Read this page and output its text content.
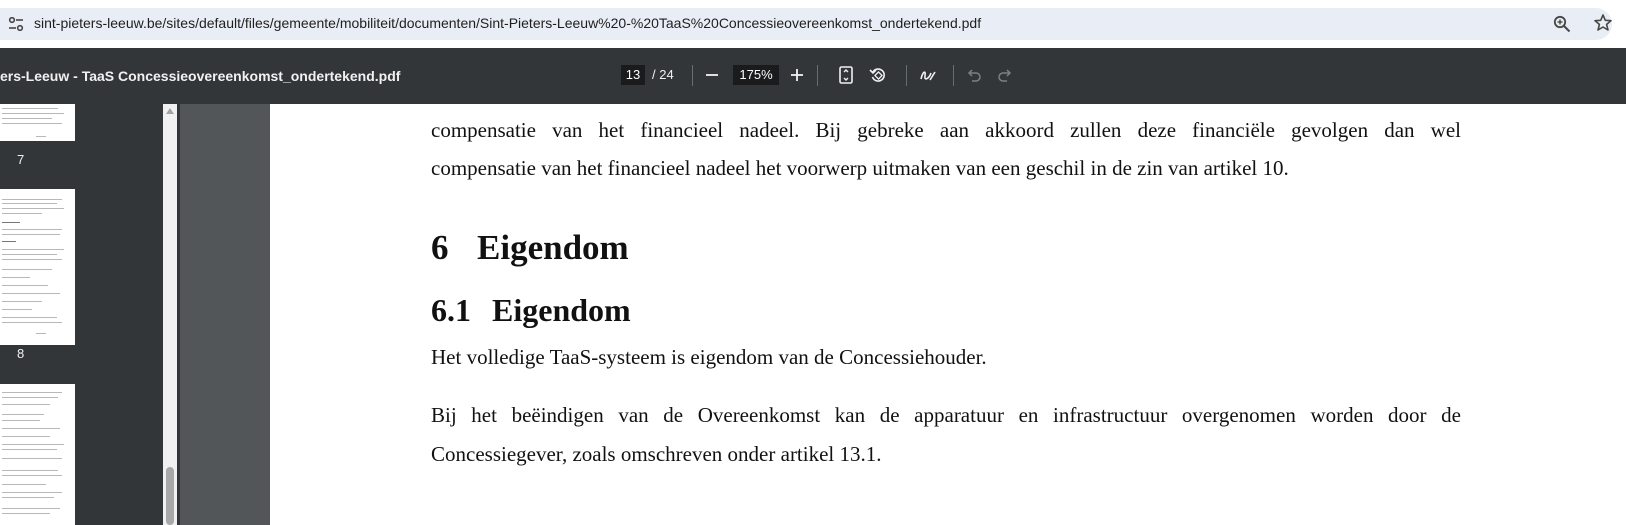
sint-pieters-leeuw.be/sites/default/files/gemeente/mobiliteit/documenten/Sint-Pieters-Leeuw%20-%20TaaS%20Concessieovereenkomst_ondertekend.pdf
ers-Leeuw - TaaS Concessieovereenkomst_ondertekend.pdf	13 / 24	175%
7
8
compensatie van het financieel nadeel. Bij gebreke aan akkoord zullen deze financiële gevolgen dan wel
compensatie van het financieel nadeel het voorwerp uitmaken van een geschil in de zin van artikel 10.
6 Eigendom
6.1 Eigendom
Het volledige TaaS-systeem is eigendom van de Concessiehouder.
Bij het beëindigen van de Overeenkomst kan de apparatuur en infrastructuur overgenomen worden door de
Concessiegever, zoals omschreven onder artikel 13.1.
